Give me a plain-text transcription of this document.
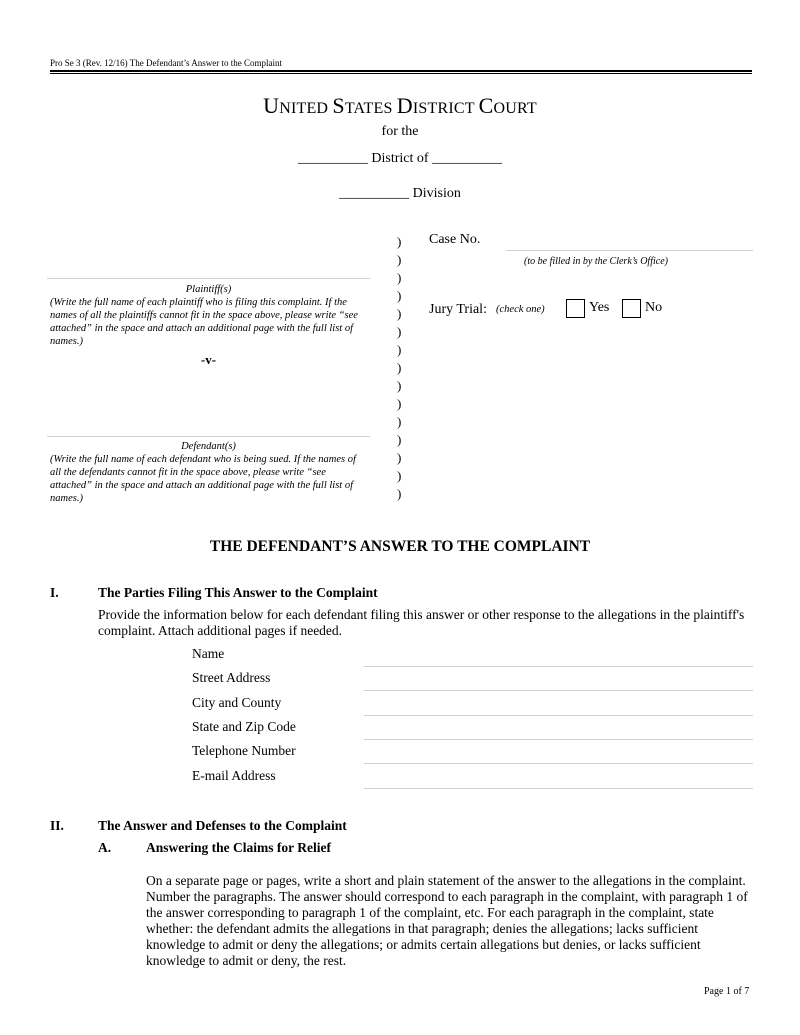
Pro Se 3 (Rev. 12/16) The Defendant’s Answer to the Complaint
UNITED STATES DISTRICT COURT
for the
__________ District of __________
__________ Division
Plaintiff(s)
(Write the full name of each plaintiff who is filing this complaint. If the names of all the plaintiffs cannot fit in the space above, please write “see attached” in the space and attach an additional page with the full list of names.)
-v-
Defendant(s)
(Write the full name of each defendant who is being sued. If the names of all the defendants cannot fit in the space above, please write “see attached” in the space and attach an additional page with the full list of names.)
)
)
)
)
)
)
)
)
)
)
)
)
)
)
)
Case No.
(to be filled in by the Clerk’s Office)
Jury Trial: (check one)	Yes	No
THE DEFENDANT’S ANSWER TO THE COMPLAINT
I.	The Parties Filing This Answer to the Complaint
Provide the information below for each defendant filing this answer or other response to the allegations in the plaintiff's complaint. Attach additional pages if needed.
Name
Street Address
City and County
State and Zip Code
Telephone Number
E-mail Address
II.	The Answer and Defenses to the Complaint
A.	Answering the Claims for Relief
On a separate page or pages, write a short and plain statement of the answer to the allegations in the complaint. Number the paragraphs. The answer should correspond to each paragraph in the complaint, with paragraph 1 of the answer corresponding to paragraph 1 of the complaint, etc. For each paragraph in the complaint, state whether: the defendant admits the allegations in that paragraph; denies the allegations; lacks sufficient knowledge to admit or deny the allegations; or admits certain allegations but denies, or lacks sufficient knowledge to admit or deny, the rest.
Page 1 of 7
